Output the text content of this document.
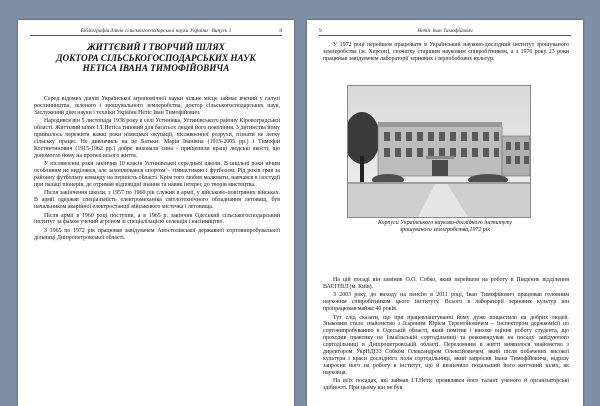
Бібліографія діячів сільськогосподарської науки України · Випуск 1	8
ЖИТТЄВИЙ І ТВОРЧИЙ ШЛЯХ
ДОКТОРА СІЛЬСЬКОГОСПОДАРСЬКИХ НАУК
НЕТІСА ІВАНА ТИМОФІЙОВИЧА

Серед відомих діячів Української агрономічної науки чільне місце займає вчений у галузі рослинництва, зеленого і зрошувального землеробства, доктор сільськогосподарських наук, Заслужений діяч науки і техніки України Нетіс Іван Тимофійович.

Народився він 5 листопада 1938 року в селі Устинівка, Устинівського району Кіровоградської області. Життєвий шлях І.Т.Нетіса типовий для багатьох людей його покоління. З дитинства йому прийшлось пережити важкі роки німецької окупації, післявоєнної розрухи, пізнати не легку сільську працю. Не дивлячись на це Батьки: Марія Іванівна (1915-2005 рр.) і Тимофій Костянтинович (1915-1962 рр.) добре виховали сина - прищепили кращі людські якості, що допомогло йому на протязі всього життя.

У післявоєнні роки закінчив 10 класів Устинівської середньої школи. В шкільні роки нічим особливим не виділявся, але захоплювався спортом – гімнастикою і футболом. Рід років грав за районну футбольну команду на першість області. Крім того любив малювати, навчався в ізостудії при палаці піонерів, де отримав відповідні знання та навик інтерес до творів мистецтва.

Після закінчення школи, з 1957 по 1960 рік служив в армії, у військово-повітряних військах. В армії одержав спеціальність електромеханіка світлотехнічного обладнання летовищ, був начальником аварійної електростанції військового містечка і летовища.

Після армії в 1960 році поступив, а в 1965 р. закінчив Одеський сільськогосподарський інститут за фахом учений агроном зі спеціалізацією селекція і насінництво.

З 1965 по 1972 рік працював завідувачем Апостолівської державної сортовипробувальної дільниці Дніпропетровської області.

9	Нетіс Іван Тимофійович

У 1972 році перейшов працювати в Український науково-дослідний інститут зрошуваного землеробства (м. Херсон), спочатку старшим науковим співробітником, а з 1976 року 23 роки працював завідувачем лабораторії зернових і зернобобових культур.

Корпуси Українського науково-дослідного інституту
зрошуваного землеробства,1972 рік

На цій посаді він замінив О.О. Собко, який перейшов на роботу в Південне відділення ВАСГНІЛ (м. Київ).

З 2003 року, до виходу на пенсію в 2011 році, Іван Тимофійович працював головним науковим співробітником цього інституту. Всього в лабораторії зернових культур він пропрацював майже 40 років.

Тут слід сказати, що при працевлаштуванні йому дуже пощастило на добрих людей. Знаковим стало знайомство з Ісаровим Юрієм Терентійовичем – Інспектором держкомісії по сортовипробуванню в Одеській області, який помітив і високо оцінив роботу студента, що проходив практику на Ізмаїльській сортодільниці та рекомендував на посаду завідуючого сортодільниці в Дніпропетровській області. Переломним в житті виявилося знайомство з директором УкрНДІЗЗ Собком Олександром Олексійовичем, який після побачених високої культури і краси дослідного поля сортодільниці, який запросив Івана Тимофійовича, відразу запросив його на роботу в інститут, що й визначило подальший його життєвий шлях, як науковця.

На всіх посадах, які займав І.Т.Нетіс проявлявся його талант ученого й організаторські здібності. При цьому він не був
